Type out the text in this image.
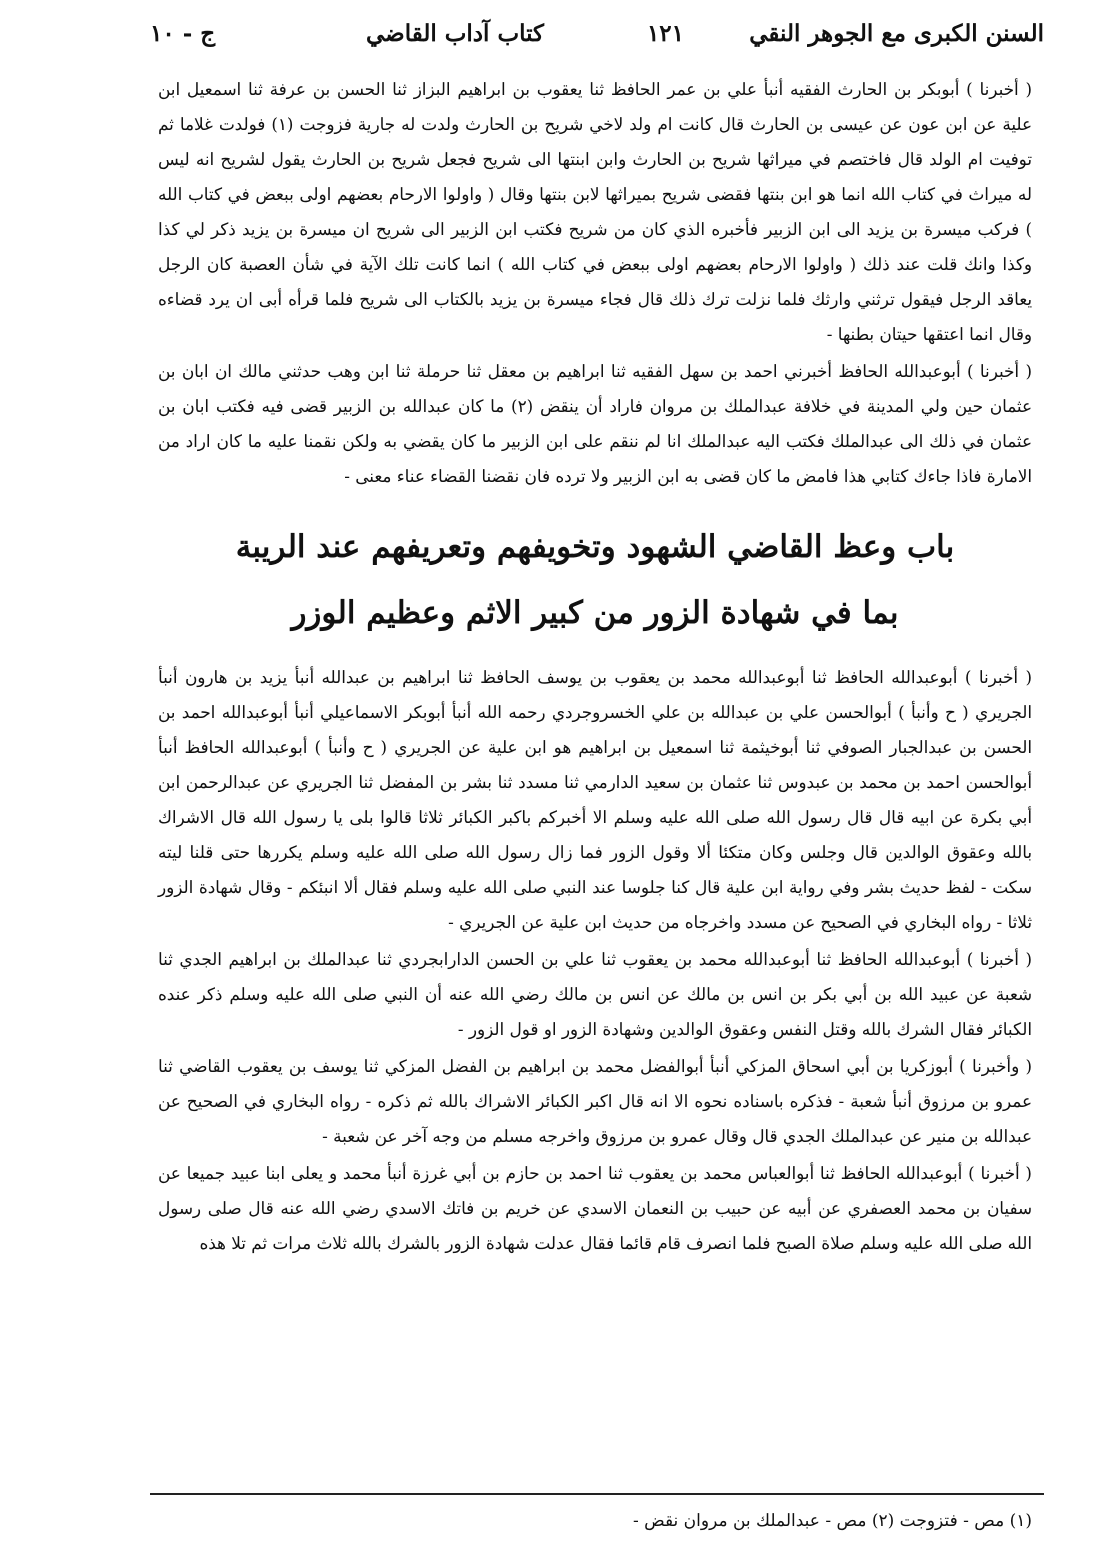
السنن الكبرى مع الجوهر النقي
١٢١
كتاب آداب القاضي
ج - ١٠

( أخبرنا ) أبوبكر بن الحارث الفقيه أنبأ علي بن عمر الحافظ ثنا يعقوب بن ابراهيم البزاز ثنا الحسن بن عرفة ثنا اسمعيل ابن علية عن ابن عون عن عيسى بن الحارث قال كانت ام ولد لاخي شريح بن الحارث ولدت له جارية فزوجت (١) فولدت غلاما ثم توفيت ام الولد قال فاختصم في ميراثها شريح بن الحارث وابن ابنتها الى شريح فجعل شريح بن الحارث يقول لشريح انه ليس له ميراث في كتاب الله انما هو ابن بنتها فقضى شريح بميراثها لابن بنتها وقال ( واولوا الارحام بعضهم اولى ببعض في كتاب الله ) فركب ميسرة بن يزيد الى ابن الزبير فأخبره الذي كان من شريح فكتب ابن الزبير الى شريح ان ميسرة بن يزيد ذكر لي كذا وكذا وانك قلت عند ذلك ( واولوا الارحام بعضهم اولى ببعض في كتاب الله ) انما كانت تلك الآية في شأن العصبة كان الرجل يعاقد الرجل فيقول ترثني وارثك فلما نزلت ترك ذلك قال فجاء ميسرة بن يزيد بالكتاب الى شريح فلما قرأه أبى ان يرد قضاءه وقال انما اعتقها حيتان بطنها -

( أخبرنا ) أبوعبدالله الحافظ أخبرني احمد بن سهل الفقيه ثنا ابراهيم بن معقل ثنا حرملة ثنا ابن وهب حدثني مالك ان ابان بن عثمان حين ولي المدينة في خلافة عبدالملك بن مروان فاراد أن ينقض (٢) ما كان عبدالله بن الزبير قضى فيه فكتب ابان بن عثمان في ذلك الى عبدالملك فكتب اليه عبدالملك انا لم ننقم على ابن الزبير ما كان يقضي به ولكن نقمنا عليه ما كان اراد من الامارة فاذا جاءك كتابي هذا فامض ما كان قضى به ابن الزبير ولا ترده فان نقضنا القضاء عناء معنى -

باب وعظ القاضي الشهود وتخويفهم وتعريفهم عند الريبة
بما في شهادة الزور من كبير الاثم وعظيم الوزر

( أخبرنا ) أبوعبدالله الحافظ ثنا أبوعبدالله محمد بن يعقوب بن يوسف الحافظ ثنا ابراهيم بن عبدالله أنبأ يزيد بن هارون أنبأ الجريري ( ح وأنبأ ) أبوالحسن علي بن عبدالله بن علي الخسروجردي رحمه الله أنبأ أبوبكر الاسماعيلي أنبأ أبوعبدالله احمد بن الحسن بن عبدالجبار الصوفي ثنا أبوخيثمة ثنا اسمعيل بن ابراهيم هو ابن علية عن الجريري ( ح وأنبأ ) أبوعبدالله الحافظ أنبأ أبوالحسن احمد بن محمد بن عبدوس ثنا عثمان بن سعيد الدارمي ثنا مسدد ثنا بشر بن المفضل ثنا الجريري عن عبدالرحمن ابن أبي بكرة عن ابيه قال قال رسول الله صلى الله عليه وسلم الا أخبركم باكبر الكبائر ثلاثا قالوا بلى يا رسول الله قال الاشراك بالله وعقوق الوالدين قال وجلس وكان متكئا ألا وقول الزور فما زال رسول الله صلى الله عليه وسلم يكررها حتى قلنا ليته سكت - لفظ حديث بشر وفي رواية ابن علية قال كنا جلوسا عند النبي صلى الله عليه وسلم فقال ألا انبئكم - وقال شهادة الزور ثلاثا - رواه البخاري في الصحيح عن مسدد واخرجاه من حديث ابن علية عن الجريري -

( أخبرنا ) أبوعبدالله الحافظ ثنا أبوعبدالله محمد بن يعقوب ثنا علي بن الحسن الدارابجردي ثنا عبدالملك بن ابراهيم الجدي ثنا شعبة عن عبيد الله بن أبي بكر بن انس بن مالك عن انس بن مالك رضي الله عنه أن النبي صلى الله عليه وسلم ذكر عنده الكبائر فقال الشرك بالله وقتل النفس وعقوق الوالدين وشهادة الزور او قول الزور -

( وأخبرنا ) أبوزكريا بن أبي اسحاق المزكي أنبأ أبوالفضل محمد بن ابراهيم بن الفضل المزكي ثنا يوسف بن يعقوب القاضي ثنا عمرو بن مرزوق أنبأ شعبة - فذكره باسناده نحوه الا انه قال اكبر الكبائر الاشراك بالله ثم ذكره - رواه البخاري في الصحيح عن عبدالله بن منير عن عبدالملك الجدي قال وقال عمرو بن مرزوق واخرجه مسلم من وجه آخر عن شعبة -

( أخبرنا ) أبوعبدالله الحافظ ثنا أبوالعباس محمد بن يعقوب ثنا احمد بن حازم بن أبي غرزة أنبأ محمد و يعلى ابنا عبيد جميعا عن سفيان بن محمد العصفري عن أبيه عن حبيب بن النعمان الاسدي عن خريم بن فاتك الاسدي رضي الله عنه قال صلى رسول الله صلى الله عليه وسلم صلاة الصبح فلما انصرف قام قائما فقال عدلت شهادة الزور بالشرك بالله ثلاث مرات ثم تلا هذه

(١) مص - فتزوجت (٢) مص - عبدالملك بن مروان نقض -
